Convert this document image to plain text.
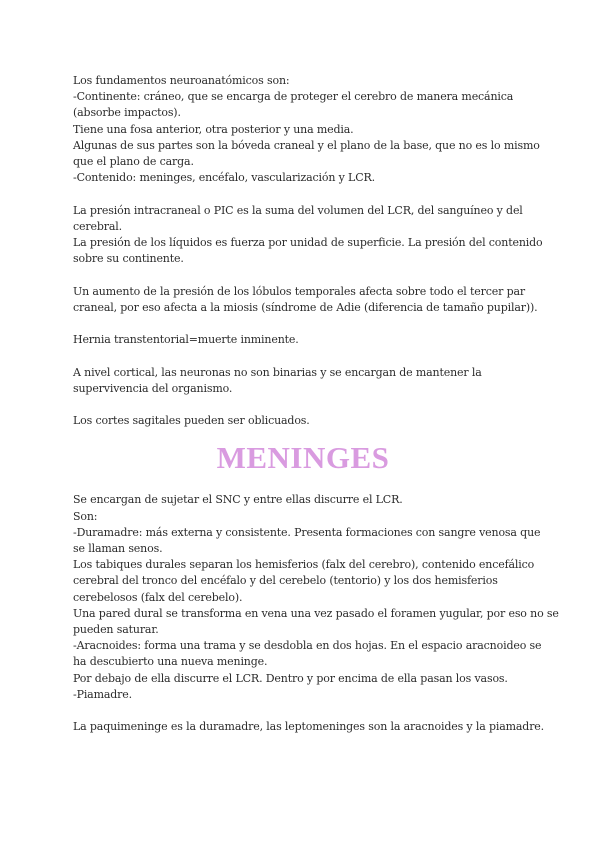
Los fundamentos neuroanatómicos son:
-Continente: cráneo, que se encarga de proteger el cerebro de manera mecánica
(absorbe impactos).
Tiene una fosa anterior, otra posterior y una media.
Algunas de sus partes son la bóveda craneal y el plano de la base, que no es lo mismo
que el plano de carga.
-Contenido: meninges, encéfalo, vascularización y LCR.
La presión intracraneal o PIC es la suma del volumen del LCR, del sanguíneo y del
cerebral.
La presión de los líquidos es fuerza por unidad de superficie. La presión del contenido
sobre su continente.
Un aumento de la presión de los lóbulos temporales afecta sobre todo el tercer par
craneal, por eso afecta a la miosis (síndrome de Adie (diferencia de tamaño pupilar)).
Hernia transtentorial=muerte inminente.
A nivel cortical, las neuronas no son binarias y se encargan de mantener la
supervivencia del organismo.
Los cortes sagitales pueden ser oblicuados.
MENINGES
Se encargan de sujetar el SNC y entre ellas discurre el LCR.
Son:
-Duramadre: más externa y consistente. Presenta formaciones con sangre venosa que
se llaman senos.
Los tabiques durales separan los hemisferios (falx del cerebro), contenido encefálico
cerebral del tronco del encéfalo y del cerebelo (tentorio) y los dos hemisferios
cerebelosos (falx del cerebelo).
Una pared dural se transforma en vena una vez pasado el foramen yugular, por eso no se
pueden saturar.
-Aracnoides: forma una trama y se desdobla en dos hojas. En el espacio aracnoideo se
ha descubierto una nueva meninge.
Por debajo de ella discurre el LCR. Dentro y por encima de ella pasan los vasos.
-Piamadre.
La paquimeninge es la duramadre, las leptomeninges son la aracnoides y la piamadre.
